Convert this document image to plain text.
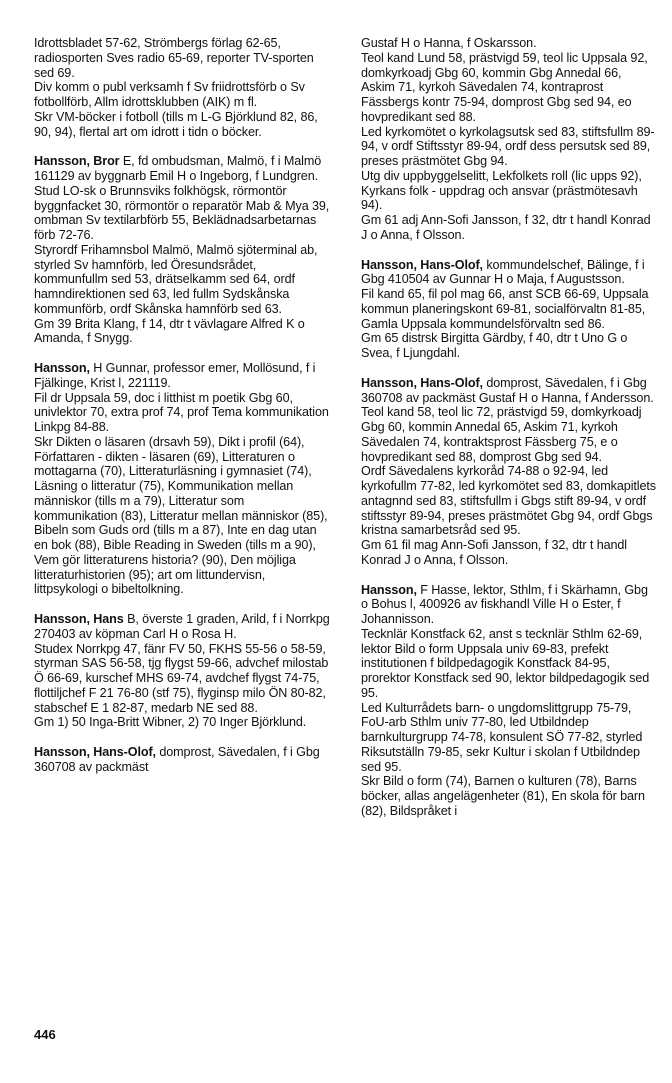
Idrottsbladet 57-62, Strömbergs förlag 62-65, radiosporten Sves radio 65-69, reporter TV-sporten sed 69.

Div komm o publ verksamh f Sv friidrottsförb o Sv fotbollförb, Allm idrottsklubben (AIK) m fl.

Skr VM-böcker i fotboll (tills m L-G Björklund 82, 86, 90, 94), flertal art om idrott i tidn o böcker.

Hansson, Bror E, fd ombudsman, Malmö, f i Malmö 161129 av byggnarb Emil H o Ingeborg, f Lundgren.

Stud LO-sk o Brunnsviks folkhögsk, rörmontör byggnfacket 30, rörmontör o reparatör Mab & Mya 39, ombman Sv textilarbförb 55, Beklädnadsarbetarnas förb 72-76.

Styrordf Frihamnsbol Malmö, Malmö sjöterminal ab, styrled Sv hamnförb, led Öresundsrådet, kommunfullm sed 53, drätselkamm sed 64, ordf hamndirektionen sed 63, led fullm Sydskånska kommunförb, ordf Skånska hamnförb sed 63.

Gm 39 Brita Klang, f 14, dtr t vävlagare Alfred K o Amanda, f Snygg.

Hansson, H Gunnar, professor emer, Mollösund, f i Fjälkinge, Krist l, 221119.

Fil dr Uppsala 59, doc i litthist m poetik Gbg 60, univlektor 70, extra prof 74, prof Tema kommunikation Linkpg 84-88.

Skr Dikten o läsaren (drsavh 59), Dikt i profil (64), Författaren - dikten - läsaren (69), Litteraturen o mottagarna (70), Litteraturläsning i gymnasiet (74), Läsning o litteratur (75), Kommunikation mellan människor (tills m a 79), Litteratur som kommunikation (83), Litteratur mellan människor (85), Bibeln som Guds ord (tills m a 87), Inte en dag utan en bok (88), Bible Reading in Sweden (tills m a 90), Vem gör litteraturens historia? (90), Den möjliga litteraturhistorien (95); art om littundervisn, littpsykologi o bibeltolkning.

Hansson, Hans B, överste 1 graden, Arild, f i Norrkpg 270403 av köpman Carl H o Rosa H.

Studex Norrkpg 47, fänr FV 50, FKHS 55-56 o 58-59, styrman SAS 56-58, tjg flygst 59-66, advchef milostab Ö 66-69, kurschef MHS 69-74, avdchef flygst 74-75, flottiljchef F 21 76-80 (stf 75), flyginsp milo ÖN 80-82, stabschef E 1 82-87, medarb NE sed 88.

Gm 1) 50 Inga-Britt Wibner, 2) 70 Inger Björklund.

Hansson, Hans-Olof, domprost, Sävedalen, f i Gbg 360708 av packmäst

Gustaf H o Hanna, f Oskarsson.

Teol kand Lund 58, prästvigd 59, teol lic Uppsala 92, domkyrkoadj Gbg 60, kommin Gbg Annedal 66, Askim 71, kyrkoh Sävedalen 74, kontraprost Fässbergs kontr 75-94, domprost Gbg sed 94, eo hovpredikant sed 88.

Led kyrkomötet o kyrkolagsutsk sed 83, stiftsfullm 89-94, v ordf Stiftsstyr 89-94, ordf dess persutsk sed 89, preses prästmötet Gbg 94.

Utg div uppbyggelselitt, Lekfolkets roll (lic upps 92), Kyrkans folk - uppdrag och ansvar (prästmötesavh 94).

Gm 61 adj Ann-Sofi Jansson, f 32, dtr t handl Konrad J o Anna, f Olsson.

Hansson, Hans-Olof, kommundelschef, Bälinge, f i Gbg 410504 av Gunnar H o Maja, f Augustsson.

Fil kand 65, fil pol mag 66, anst SCB 66-69, Uppsala kommun planeringskont 69-81, socialförvaltn 81-85, Gamla Uppsala kommundelsförvaltn sed 86.

Gm 65 distrsk Birgitta Gärdby, f 40, dtr t Uno G o Svea, f Ljungdahl.

Hansson, Hans-Olof, domprost, Sävedalen, f i Gbg 360708 av packmäst Gustaf H o Hanna, f Andersson.

Teol kand 58, teol lic 72, prästvigd 59, domkyrkoadj Gbg 60, kommin Annedal 65, Askim 71, kyrkoh Sävedalen 74, kontraktsprost Fässberg 75, e o hovpredikant sed 88, domprost Gbg sed 94.

Ordf Sävedalens kyrkoråd 74-88 o 92-94, led kyrkofullm 77-82, led kyrkomötet sed 83, domkapitlets antagnnd sed 83, stiftsfullm i Gbgs stift 89-94, v ordf stiftsstyr 89-94, preses prästmötet Gbg 94, ordf Gbgs kristna samarbetsråd sed 95.

Gm 61 fil mag Ann-Sofi Jansson, f 32, dtr t handl Konrad J o Anna, f Olsson.

Hansson, F Hasse, lektor, Sthlm, f i Skärhamn, Gbg o Bohus l, 400926 av fiskhandl Ville H o Ester, f Johannisson.

Tecknlär Konstfack 62, anst s tecknlär Sthlm 62-69, lektor Bild o form Uppsala univ 69-83, prefekt institutionen f bildpedagogik Konstfack 84-95, prorektor Konstfack sed 90, lektor bildpedagogik sed 95.

Led Kulturrådets barn- o ungdomslittgrupp 75-79, FoU-arb Sthlm univ 77-80, led Utbildndep barnkulturgrupp 74-78, konsulent SÖ 77-82, styrled Riksutställn 79-85, sekr Kultur i skolan f Utbildndep sed 95.

Skr Bild o form (74), Barnen o kulturen (78), Barns böcker, allas angelägenheter (81), En skola för barn (82), Bildspråket i

446
